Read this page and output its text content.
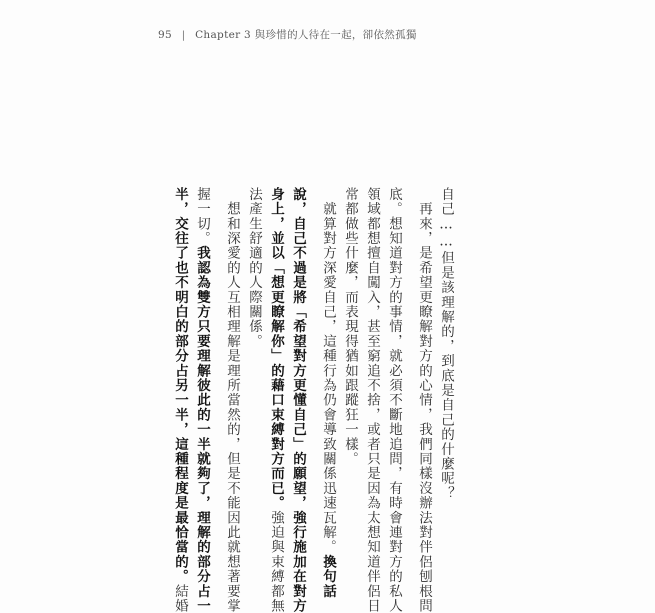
95 | Chapter 3 與珍惜的人待在一起，卻依然孤獨
自己……但是該理解的，到底是自己的什麼呢？
　再來，是希望更瞭解對方的心情，我們同樣沒辦法對伴侶刨根問
底。想知道對方的事情，就必須不斷地追問，有時會連對方的私人
領域都想擅自闖入，甚至窮追不捨，或者只是因為太想知道伴侶日
常都做些什麼，而表現得猶如跟蹤狂一樣。
　就算對方深愛自己，這種行為仍會導致關係迅速瓦解。換句話
說，自己不過是將「希望對方更懂自己」的願望，強行施加在對方
身上，並以「想更瞭解你」的藉口束縛對方而已。強迫與束縛都無
法產生舒適的人際關係。
　想和深愛的人互相理解是理所當然的，但是不能因此就想著要掌
握一切。我認為雙方只要理解彼此的一半就夠了，理解的部分占一
半，交往了也不明白的部分占另一半，這種程度是最恰當的。結婚
